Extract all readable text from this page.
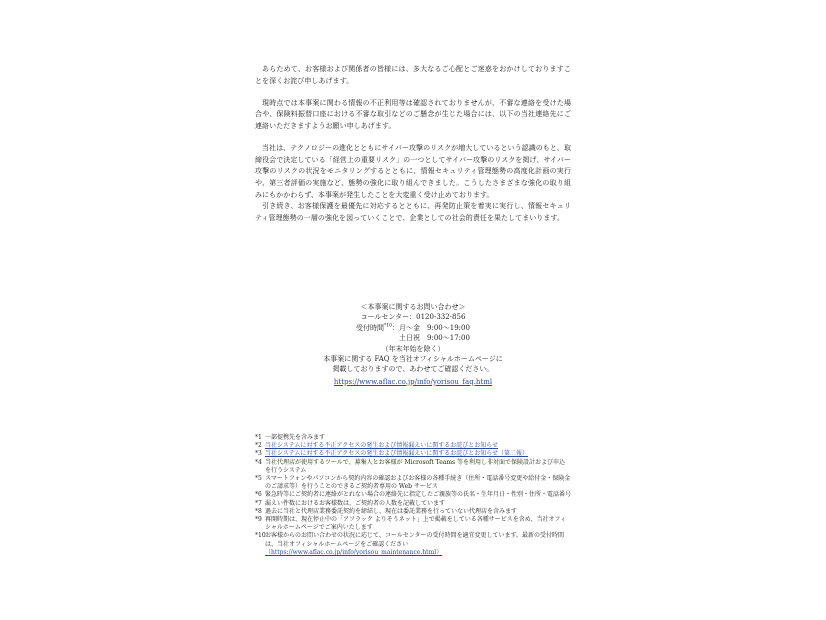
あらためて、お客様および関係者の皆様には、多大なるご心配とご迷惑をおかけしておりますことを深くお詫び申しあげます。

現時点では本事案に関わる情報の不正利用等は確認されておりませんが、不審な連絡を受けた場合や、保険料振替口座における不審な取引などのご懸念が生じた場合には、以下の当社連絡先にご連絡いただきますようお願い申しあげます。

当社は、テクノロジーの進化とともにサイバー攻撃のリスクが増大しているという認識のもと、取締役会で決定している「経営上の重要リスク」の一つとしてサイバー攻撃のリスクを掲げ、サイバー攻撃のリスクの状況をモニタリングするとともに、情報セキュリティ管理態勢の高度化計画の実行や、第三者評価の実施など、態勢の強化に取り組んできました。こうしたさまざまな強化の取り組みにもかかわらず、本事案が発生したことを大変重く受け止めております。

引き続き、お客様保護を最優先に対応するとともに、再発防止策を着実に実行し、情報セキュリティ管理態勢の一層の強化を図っていくことで、企業としての社会的責任を果たしてまいります。

＜本事案に関するお問い合わせ＞
コールセンター：0120-332-856
受付時間$^{*10}$：月～金　9:00～19:00
土日祝　9:00～17:00
（年末年始を除く）
本事案に関する FAQ を当社オフィシャルホームページに
掲載しておりますので、あわせてご確認ください。
https://www.aflac.co.jp/info/yorisou_faq.html
*1 一部提携先を含みます
*2 当社システムに対する不正アクセスの発生および情報漏えいに関するお詫びとお知らせ
*3 当社システムに対する不正アクセスの発生および情報漏えいに関するお詫びとお知らせ（第二報）
*4 当社代理店が使用するツールで、募集人とお客様が Microsoft Teams 等を利用し非対面で保険設計および申込を行うシステム
*5 スマートフォンやパソコンから契約内容の確認およびお客様の各種手続き（住所・電話番号変更や給付金・保険金のご請求等）を行うことのできるご契約者専用の Web サービス
*6 緊急時等にご契約者に連絡がとれない場合の連絡先に指定したご親族等の氏名・生年月日・性別・住所・電話番号
*7 漏えい件数におけるお客様数は、ご契約者の人数を記載しています
*8 過去に当社と代理店業務委託契約を締結し、現在は委託業務を行っていない代理店を含みます
*9 再開時期は、現在停止中の「アフラック よりそうネット」上で掲載をしている各種サービスを含め、当社オフィシャルホームページでご案内いたします
*10 お客様からのお問い合わせの状況に応じて、コールセンターの受付時間を適宜変更しています。最新の受付時間は、当社オフィシャルホームページをご確認ください
（https://www.aflac.co.jp/info/yorisou_maintenance.html）
